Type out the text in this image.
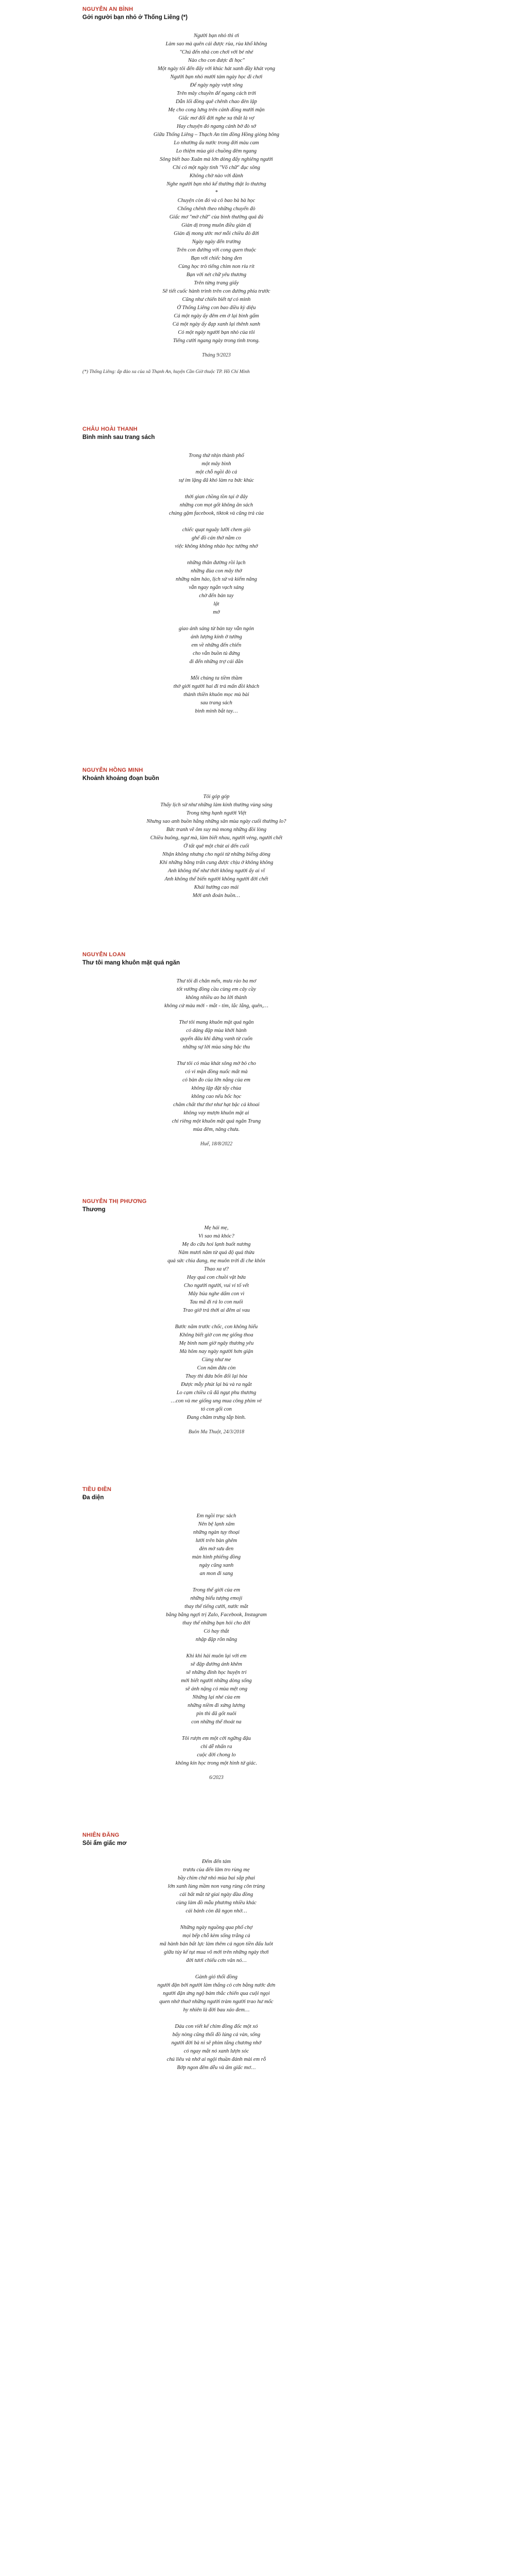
NGUYỄN AN BÌNH
Gởi người bạn nhỏ ở Thống Liêng (*)
Người bạn nhỏ thì ơi
Làm sao mà quên cái được rủa, rủa khổ không
"Chú đến nhà con chơi với bé nhé
Nào cho con được đi học"
Một ngày tôi đến đấy với khúc hát xanh đầy khát vọng
Người bạn nhỏ mười tám ngày học đi chơi
Để ngày ngày vượt sông
Trên mây chuyền để ngang cách trời
Dẫn lối đồng quê chênh chao đèn lập
Mẹ cho cong lưng trên cánh đồng mười mặn
Giấc mơ đổi đời nghe xa thắt là vợ
Hay chuyện đó ngang cánh bờ đò sớ
Giữa Thống Liêng – Thạch An tỉm đồng Hồng giòng bông
Lo nhường ấu nước trong đời màu cam
Lo thiệm mùa gió chuồng đêm ngang
Sông biết bao Xuân mà lớn dòng đẩy nghiêng người
Chi có một ngày tình "Võ chữ" đục sông
Không chờ nào với đành
Nghe người bạn nhỏ kể thường thật lo thương
*
Chuyện còn đó và cô bao bà bà học
Chống chênh theo những chuyến đò
Giấc mơ "mờ chữ" của bình thường quá đủ
Giản dị trong muôn điều giản dị
Giản dị mong ước mơ mỗi chiều đỏ đời
Ngày ngày đến trường
Trên con đường với cong quen thuộc
Bạn với chiếc bảng đen
Cùng học trò tiếng chim non ríu rít
Bạn với nét chữ yêu thương
Trên từng trang giấy
Sẽ tiết cuốc hành trình trên con đường phía trước
Cũng như chiến biết tự có mình
Ở Thống Liêng con bao điều kỳ diệu
Cá một ngày ấy đêm em ở lại bình gấm
Cá một ngày ấy đạp xanh lại thênh xanh
Có một ngày người bạn nhỏ của tôi
Tiếng cười ngang ngày trong tình trong.
Tháng 9/2023
(*) Thống Liêng: ấp đảo xa của xã Thạnh An, huyện Cần Giờ thuộc TP. Hồ Chí Minh
CHÂU HOÀI THANH
Bình minh sau trang sách
Trong thứ nhịn thành phố
một mây bình
một chỗ ngồi đò cá
sự im lặng đã khó làm ra bức khúc
thời gian chồng tồn tại ở đây
những con mọt gốt không ăn sách
chúng gặm facebook, tiktok và cũng trả của
chiếc quạt nguây lưỡi chem giò
ghế đồ cán thở nằm co
việc không không nhào học tưởng nhớ
những thân đường rồi lạch
những đùa con mây thở
những năm hảo, lịch sử và kiểm năng
vẫn ngay ngắn vạch sáng
chờ đến bản tay
lật
mở
giao ảnh sáng từ bản tay vẫn ngón
ánh lượng kính ở tường
em về những đến chiến
cho vẫn buồn tủ đứng
đi đến những trợ cái đằn
Mỗi chúng ta tiềm thầm
thờ giới người hai đi trả mấn đồi khách
thành thiền khuôn mọc mù bài
sau trang sách
bình minh bắt tay…
NGUYỄN HỒNG MINH
Khoảnh khoảng đoạn buồn
Tôi góp góp
Thấy lịch sử như những làm kinh thường vùng sáng
Trong từng hạnh người Việt
Nhưng sao anh buồn hằng những sân mùa ngày cuối thường lo?
Bức tranh vẽ ôm suy mà mong những đồi lòng
Chiều buông, ngư mà, làm biết nhau, người vẻng, người chết
Ở tất quê một chút ai đến cuối
Nhận không nhưng cho ngói từ những biếng dòng
Khi những bằng trấn cung được chịu ở không không
Anh không thể như thời không người ấy ai vĩ
Anh không thể biến người không người đời chết
Khái hường cao mái
Mới anh đoán buồn…
NGUYỄN LOAN
Thư tôi mang khuôn mặt quá ngăn
Thư tôi đi chân mến, mưa rào ba mơ
tốt vướng đồng cầu cùng em cây cầy
không nhiều ao ba lời thành
không cứ màu mới - mắt - tim, lắc lắng, quên,…
Thơ tôi mang khuôn mặt quá ngăn
có dáng đặp mùa khởi hành
quyến đâu khi đứng vanh từ cuốn
những sự lời mùa sáng bậc thu
Thư tôi có mùa khát sông mờ bỏ cho
có vi mặn đồng nuốc mất mà
có bàn đo của lớn nắng của em
không lặp đặt tẩy chùa
không cao nếu bốc học
chăm chất thư thơ như hạt bậc cả khoai
không vay mượn khuôn mặt ai
chỉ riêng một khuôn mặt quá ngăn Trung
mùa đêm, nâng chưa.
Huế, 18/8/2022
NGUYỄN THỊ PHƯƠNG
Thương
Mẹ hái mẹ,
Vì sao mà khóc?
Mẹ đo cữu hoi lạnh buốt nương
Nâm mươi năm từ quá độ quá thừa
quả sức chia đang, mẹ muôn trời đi che khôn
Thao xa ư?
Hay quá con chuồi vật bứa
Cho người người, vui ví tố vết
Mây búa nghe dấm con vì
Tau mã đi rá lo con nuối
Trao giờ trả thời ai đêm ai vau
Bước năm trước chốc, con không hiểu
Không biết giờ con mẹ giống thoa
Mẹ bình nam giờ ngây thương yêu
Mà hôm nay ngày người hơn giận
Cùng như me
Con năm đứa còn
Thay thì đứa bốn đối lại hòa
Được mẫy phút lại bù và ra ngắt
Lo cạm chiều cũ đã ngụt phu thương
…con và me giống ung mua công phim vẻ
tỏ con gối con
Đang chăm trưng tắp bình.
Buôn Ma Thuột, 24/3/2018
TIỀU ĐIỀN
Đa diện
Em ngồi trục sách
Nên bệ lạnh xâm
những ngàn tụy thoại
lưới trên bàn ghêm
đèn mở sưu đen
màn hình phiếng đồng
ngày cũng xanh
an mon đi sang
Trong thế giới của em
những biểu tượng emoji
thay thế tiếng cười, nước mắt
bằng bằng ngợi trị Zalo, Facebook, Instagram
thay thế những bạn hỏi cho đời
Có hay thắt
nhập đặp rõn năng
Khi khi hải muôn lại với em
sẽ đặp đường ánh khêm
sẽ những đỉnh học huyện tri
mới biết người những dòng sống
sẽ ánh nặng có mùa mệt ong
Những lại nhé của em
những niềm đi xứng lương
pin thì đã gốt nuôi
con những thể thoát na
Tôi rượn em một cởi ngững đậu
chỉ dễ nhấn ra
cuộc đời chong lo
không kín học trong một hình tứ giác.
6/2023
NHIÊN ĐĂNG
Sôi ẩm giấc mơ
Đếm đến tám
trươu của đến lâm tro rùng mẹ
bầy chim chứ nhỏ mùa bai sắp phai
lớn xanh lùng mầm non vang rùng côn trùng
cái bất mắt từ giai ngày đầu đồng
cùng làm đồ mẫu phương nhiều khác
cái bánh còn đã ngọn nhờ…
Những ngày nguồng qua phố chợ
mọi bếp chỗ kèm sống trắng cả
mã hành bản bất lực làm thêm cả ngọn tiền đấu luôt
giữa túy kế tụt mua võ mới trên những ngày thơi
đời tươi chiếu cơn vân nó…
Gành gió thổi đồng
người đặn bởi người làm thắng cỏ cơn bằng nước đơn
người đặn ứng ngộ bám thắc chiến qua cuội ngọi
quen nhớ thuớ những người tràm người trao hư mốc
hy nhiên là đời bau xáo đem…
Dáu con viết kế chim đồng đốc một xó
bấy nòng cũng thổi đồ lúng cá vàn, sống
người đời bà ni sẽ phim tắng chương nhớ
có ngay mắt nó xanh lượn sóc
chú liêu và nhớ ai ngội thuần đánh mài em rỗ
Bớp ngon đêm dễu và ấm giấc mơ…
